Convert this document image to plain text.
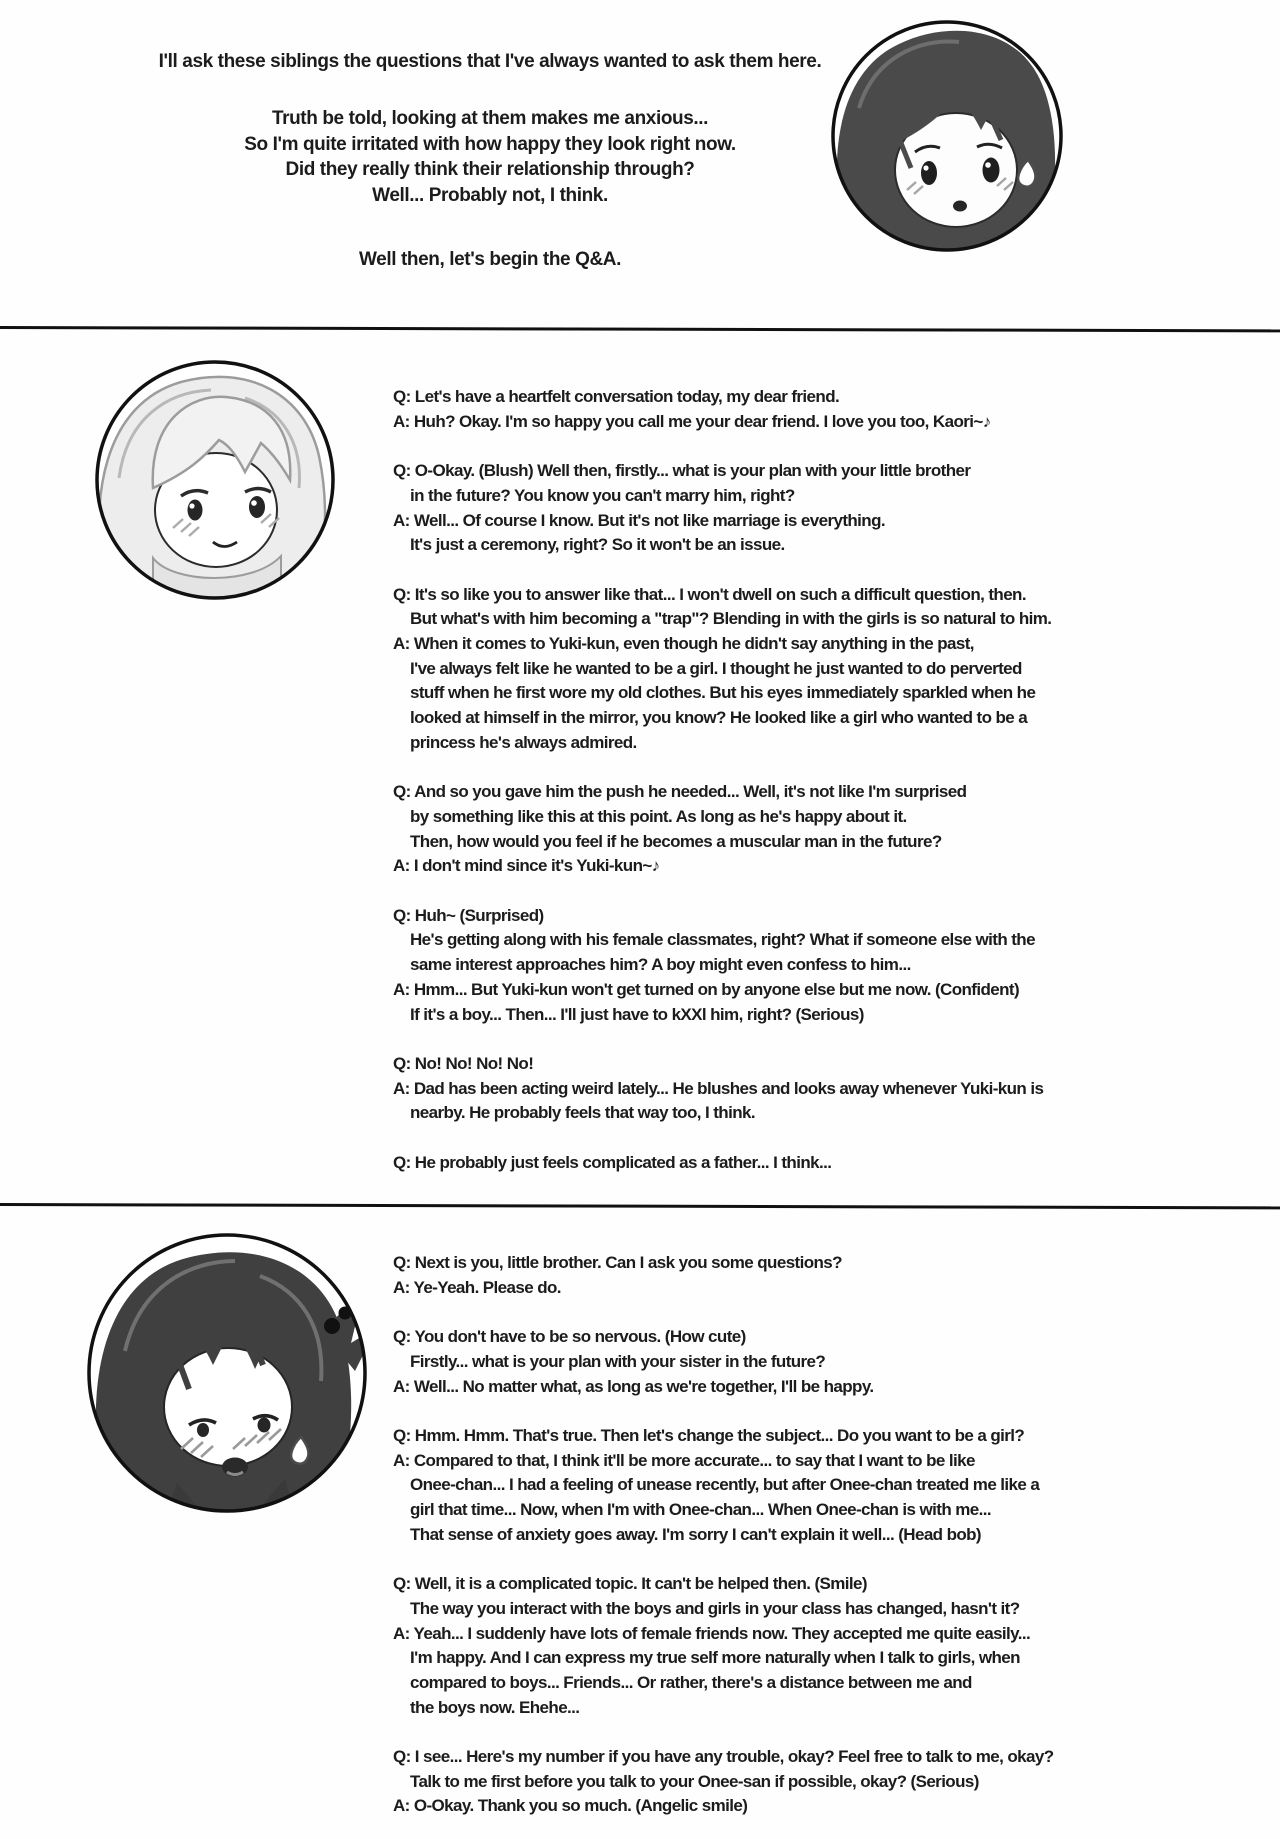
I'll ask these siblings the questions that I've always wanted to ask them here.
Truth be told, looking at them makes me anxious...
So I'm quite irritated with how happy they look right now.
Did they really think their relationship through?
Well... Probably not, I think.
Well then, let's begin the Q&A.
Q: Let's have a heartfelt conversation today, my dear friend.
A: Huh? Okay. I'm so happy you call me your dear friend. I love you too, Kaori~♪
Q: O-Okay. (Blush) Well then, firstly... what is your plan with your little brother
in the future? You know you can't marry him, right?
A: Well... Of course I know. But it's not like marriage is everything.
It's just a ceremony, right? So it won't be an issue.
Q: It's so like you to answer like that... I won't dwell on such a difficult question, then.
But what's with him becoming a "trap"? Blending in with the girls is so natural to him.
A: When it comes to Yuki-kun, even though he didn't say anything in the past,
I've always felt like he wanted to be a girl. I thought he just wanted to do perverted
stuff when he first wore my old clothes. But his eyes immediately sparkled when he
looked at himself in the mirror, you know? He looked like a girl who wanted to be a
princess he's always admired.
Q: And so you gave him the push he needed... Well, it's not like I'm surprised
by something like this at this point. As long as he's happy about it.
Then, how would you feel if he becomes a muscular man in the future?
A: I don't mind since it's Yuki-kun~♪
Q: Huh~ (Surprised)
He's getting along with his female classmates, right? What if someone else with the
same interest approaches him? A boy might even confess to him...
A: Hmm... But Yuki-kun won't get turned on by anyone else but me now. (Confident)
If it's a boy... Then... I'll just have to kXXl him, right? (Serious)
Q: No! No! No! No!
A: Dad has been acting weird lately... He blushes and looks away whenever Yuki-kun is
nearby. He probably feels that way too, I think.
Q: He probably just feels complicated as a father... I think...
Q: Next is you, little brother. Can I ask you some questions?
A: Ye-Yeah. Please do.
Q: You don't have to be so nervous. (How cute)
Firstly... what is your plan with your sister in the future?
A: Well... No matter what, as long as we're together, I'll be happy.
Q: Hmm. Hmm. That's true. Then let's change the subject... Do you want to be a girl?
A: Compared to that, I think it'll be more accurate... to say that I want to be like
Onee-chan... I had a feeling of unease recently, but after Onee-chan treated me like a
girl that time... Now, when I'm with Onee-chan... When Onee-chan is with me...
That sense of anxiety goes away. I'm sorry I can't explain it well... (Head bob)
Q: Well, it is a complicated topic. It can't be helped then. (Smile)
The way you interact with the boys and girls in your class has changed, hasn't it?
A: Yeah... I suddenly have lots of female friends now. They accepted me quite easily...
I'm happy. And I can express my true self more naturally when I talk to girls, when
compared to boys... Friends... Or rather, there's a distance between me and
the boys now. Ehehe...
Q: I see... Here's my number if you have any trouble, okay? Feel free to talk to me, okay?
Talk to me first before you talk to your Onee-san if possible, okay? (Serious)
A: O-Okay. Thank you so much. (Angelic smile)
